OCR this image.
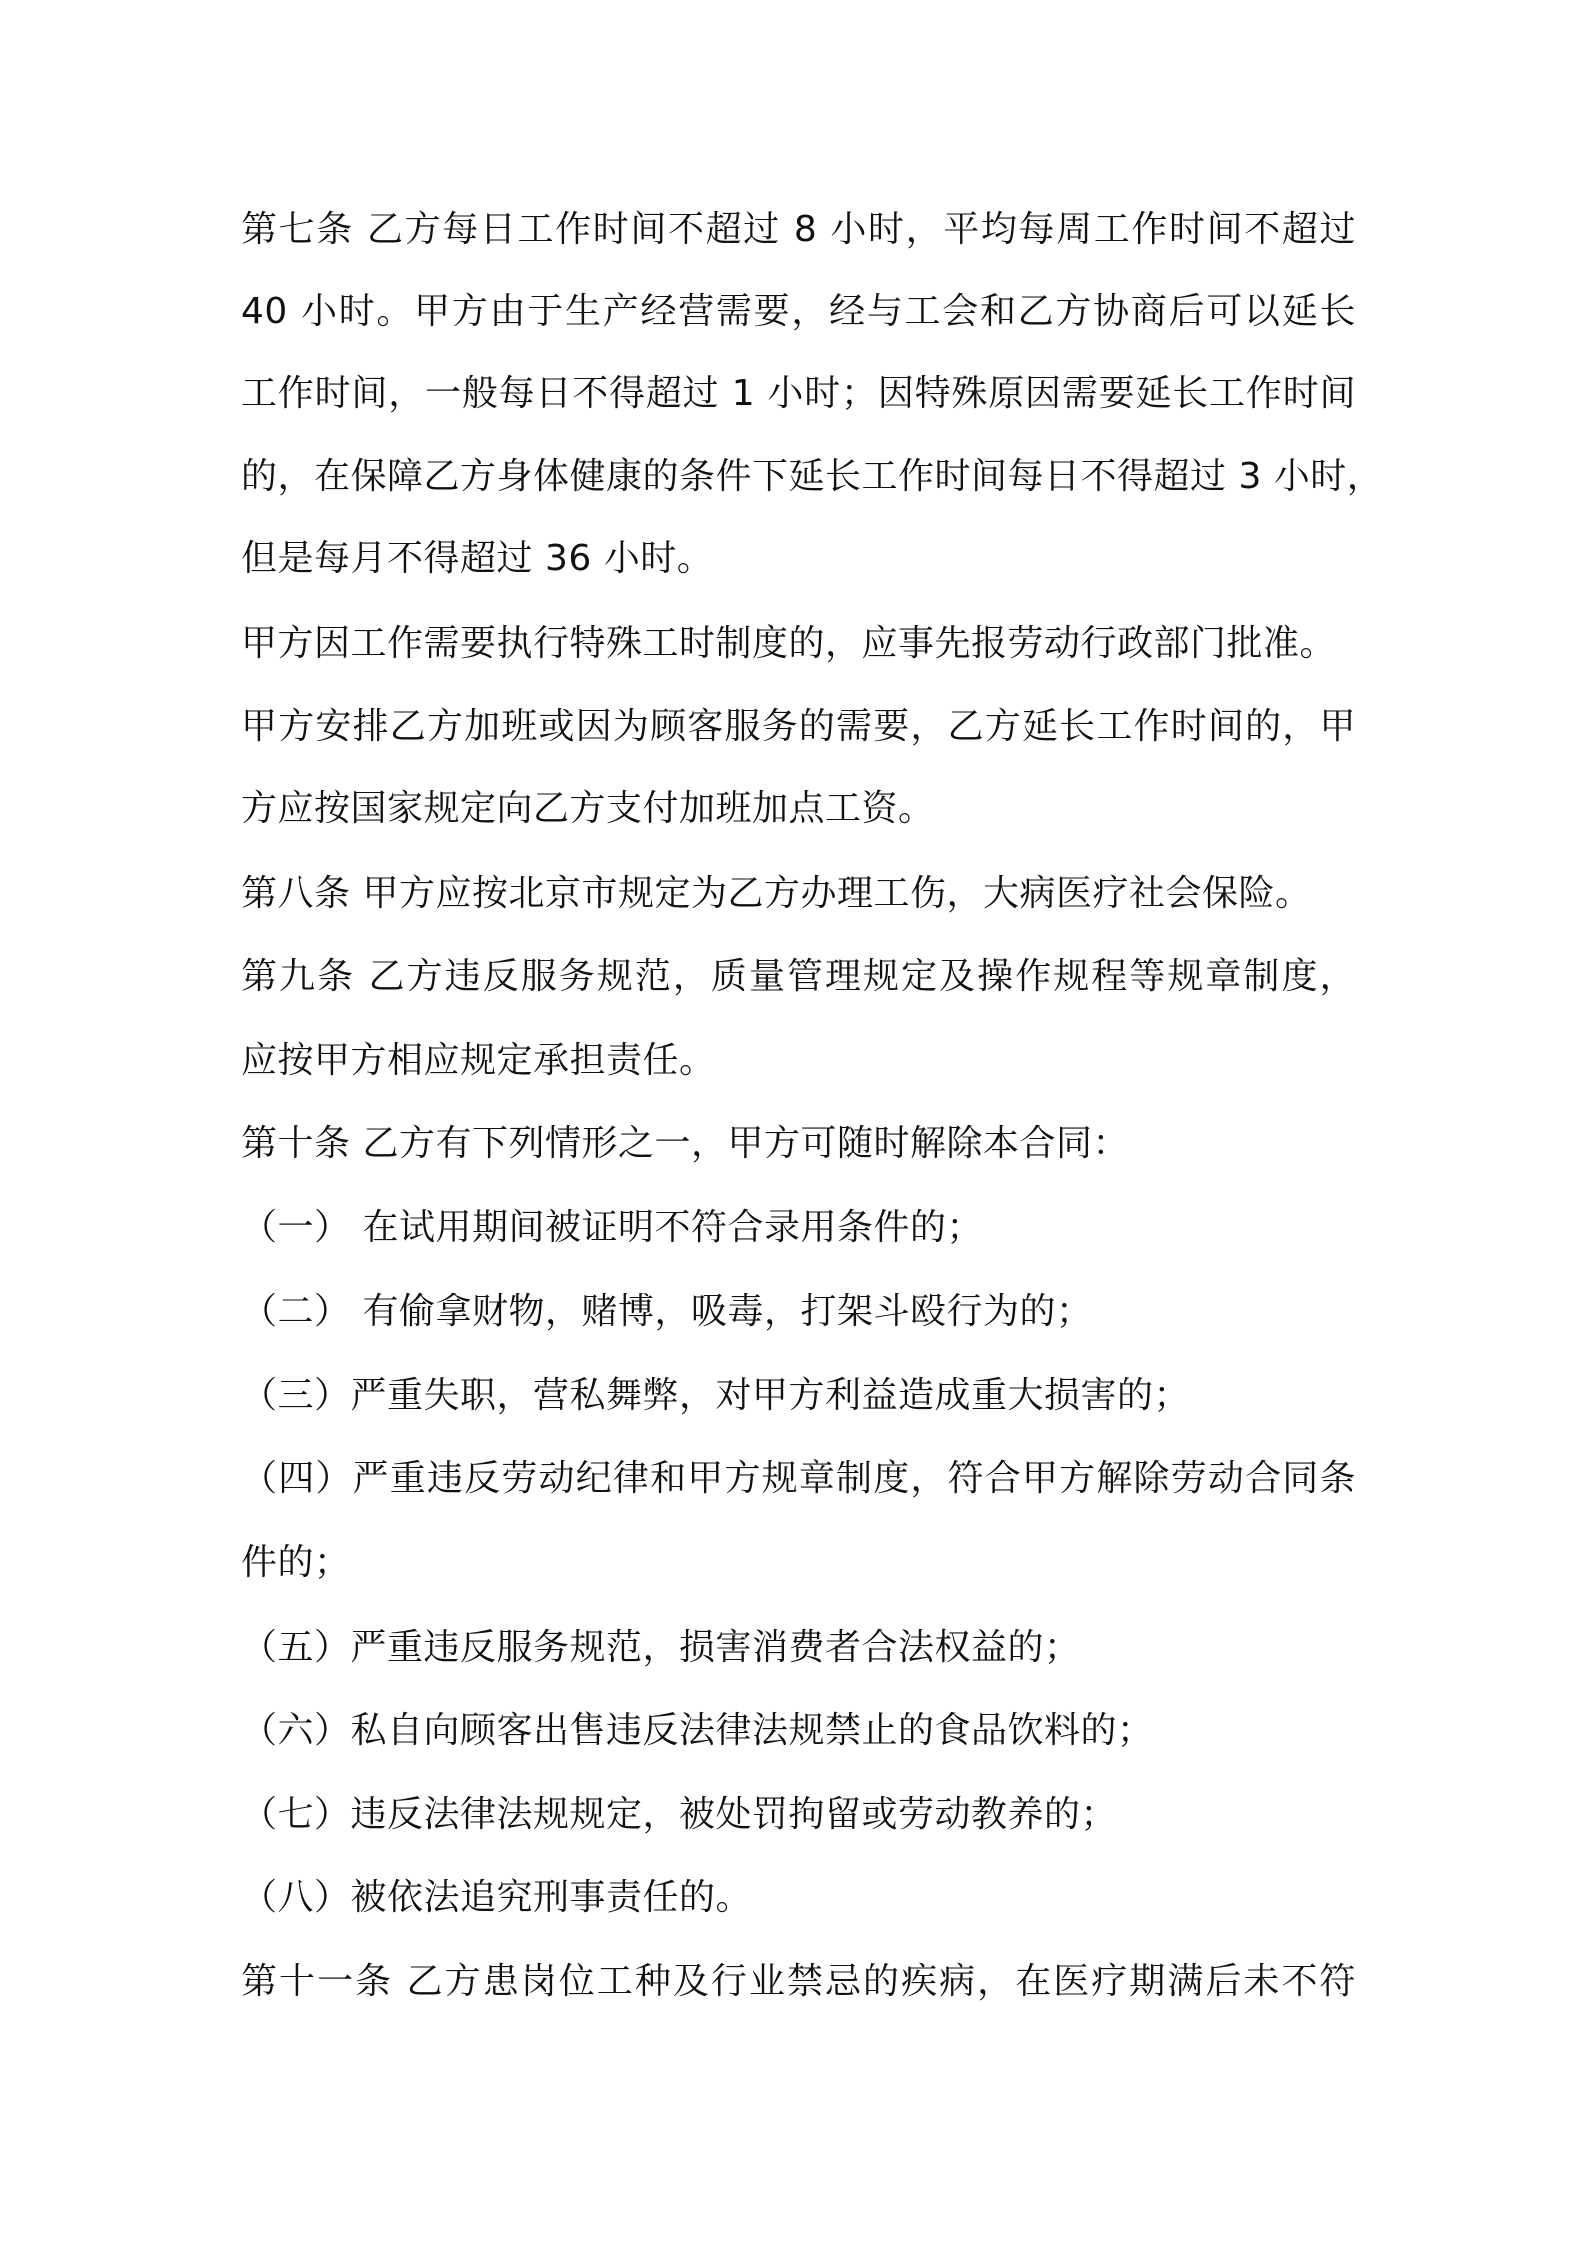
第七条 乙方每日工作时间不超过 8 小时，平均每周工作时间不超过
40 小时。甲方由于生产经营需要，经与工会和乙方协商后可以延长
工作时间，一般每日不得超过 1 小时；因特殊原因需要延长工作时间
的，在保障乙方身体健康的条件下延长工作时间每日不得超过 3 小时，
但是每月不得超过 36 小时。
甲方因工作需要执行特殊工时制度的，应事先报劳动行政部门批准。
甲方安排乙方加班或因为顾客服务的需要，乙方延长工作时间的，甲
方应按国家规定向乙方支付加班加点工资。
第八条 甲方应按北京市规定为乙方办理工伤，大病医疗社会保险。
第九条 乙方违反服务规范，质量管理规定及操作规程等规章制度，
应按甲方相应规定承担责任。
第十条 乙方有下列情形之一，甲方可随时解除本合同：
（一） 在试用期间被证明不符合录用条件的；
（二） 有偷拿财物，赌博，吸毒，打架斗殴行为的；
（三）严重失职，营私舞弊，对甲方利益造成重大损害的；
（四）严重违反劳动纪律和甲方规章制度，符合甲方解除劳动合同条
件的；
（五）严重违反服务规范，损害消费者合法权益的；
（六）私自向顾客出售违反法律法规禁止的食品饮料的；
（七）违反法律法规规定，被处罚拘留或劳动教养的；
（八）被依法追究刑事责任的。
第十一条 乙方患岗位工种及行业禁忌的疾病，在医疗期满后未不符
